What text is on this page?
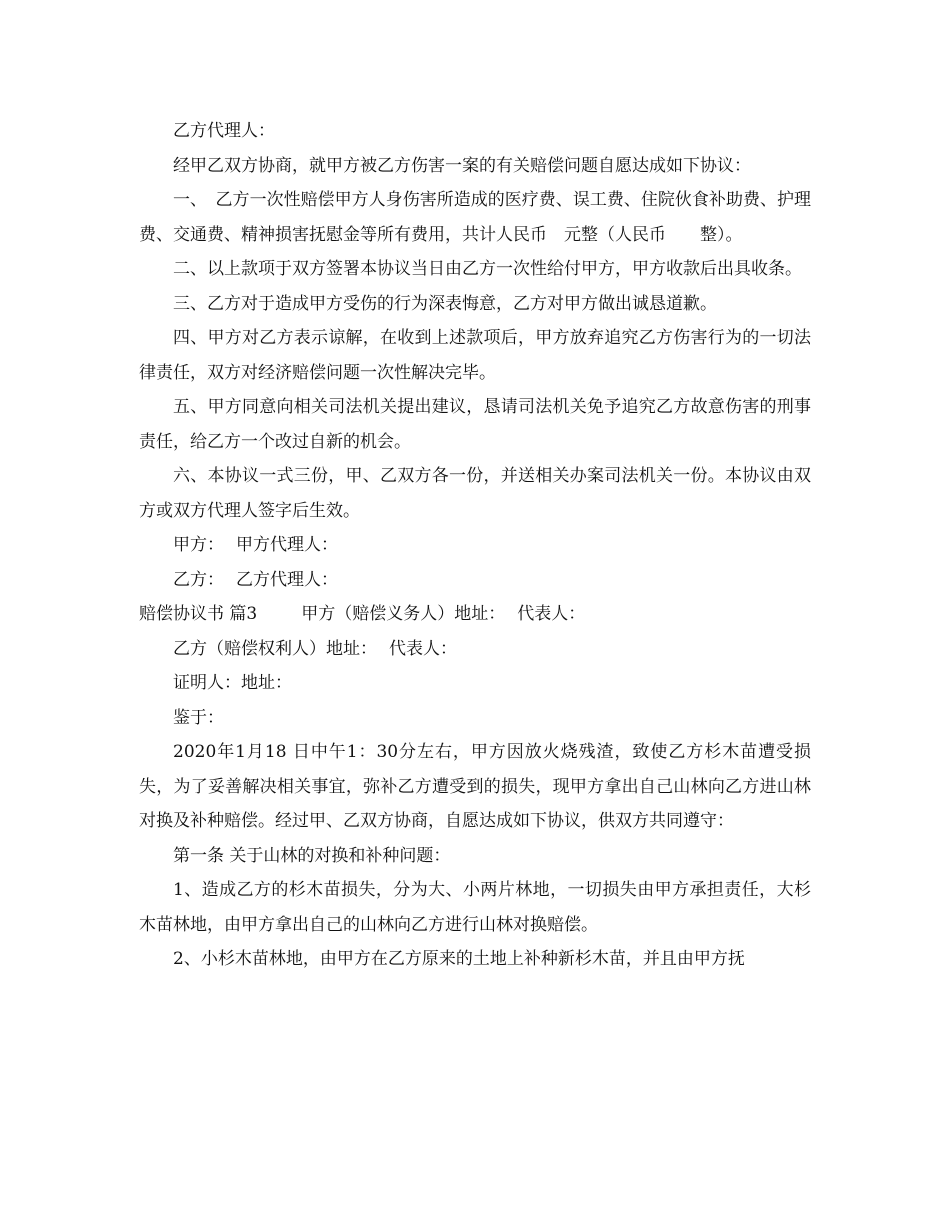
乙方代理人：

经甲乙双方协商，就甲方被乙方伤害一案的有关赔偿问题自愿达成如下协议：

一、　乙方一次性赔偿甲方人身伤害所造成的医疗费、误工费、住院伙食补助费、护理费、交通费、精神损害抚慰金等所有费用，共计人民币　元整（人民币　　整）。

二、以上款项于双方签署本协议当日由乙方一次性给付甲方，甲方收款后出具收条。

三、乙方对于造成甲方受伤的行为深表悔意，乙方对甲方做出诚恳道歉。

四、甲方对乙方表示谅解，在收到上述款项后，甲方放弃追究乙方伤害行为的一切法律责任，双方对经济赔偿问题一次性解决完毕。

五、甲方同意向相关司法机关提出建议，恳请司法机关免予追究乙方故意伤害的刑事责任，给乙方一个改过自新的机会。

六、本协议一式三份，甲、乙双方各一份，并送相关办案司法机关一份。本协议由双方或双方代理人签字后生效。

甲方： 甲方代理人：

乙方： 乙方代理人：

赔偿协议书 篇3	甲方（赔偿义务人）地址： 代表人：

乙方（赔偿权利人）地址： 代表人：

证明人：地址：

鉴于：

2020年1月18 日中午1：30分左右，甲方因放火烧残渣，致使乙方杉木苗遭受损失，为了妥善解决相关事宜，弥补乙方遭受到的损失，现甲方拿出自己山林向乙方进山林对换及补种赔偿。经过甲、乙双方协商，自愿达成如下协议，供双方共同遵守：

第一条 关于山林的对换和补种问题：

1、造成乙方的杉木苗损失，分为大、小两片林地，一切损失由甲方承担责任，大杉木苗林地，由甲方拿出自己的山林向乙方进行山林对换赔偿。

2、小杉木苗林地，由甲方在乙方原来的土地上补种新杉木苗，并且由甲方抚
